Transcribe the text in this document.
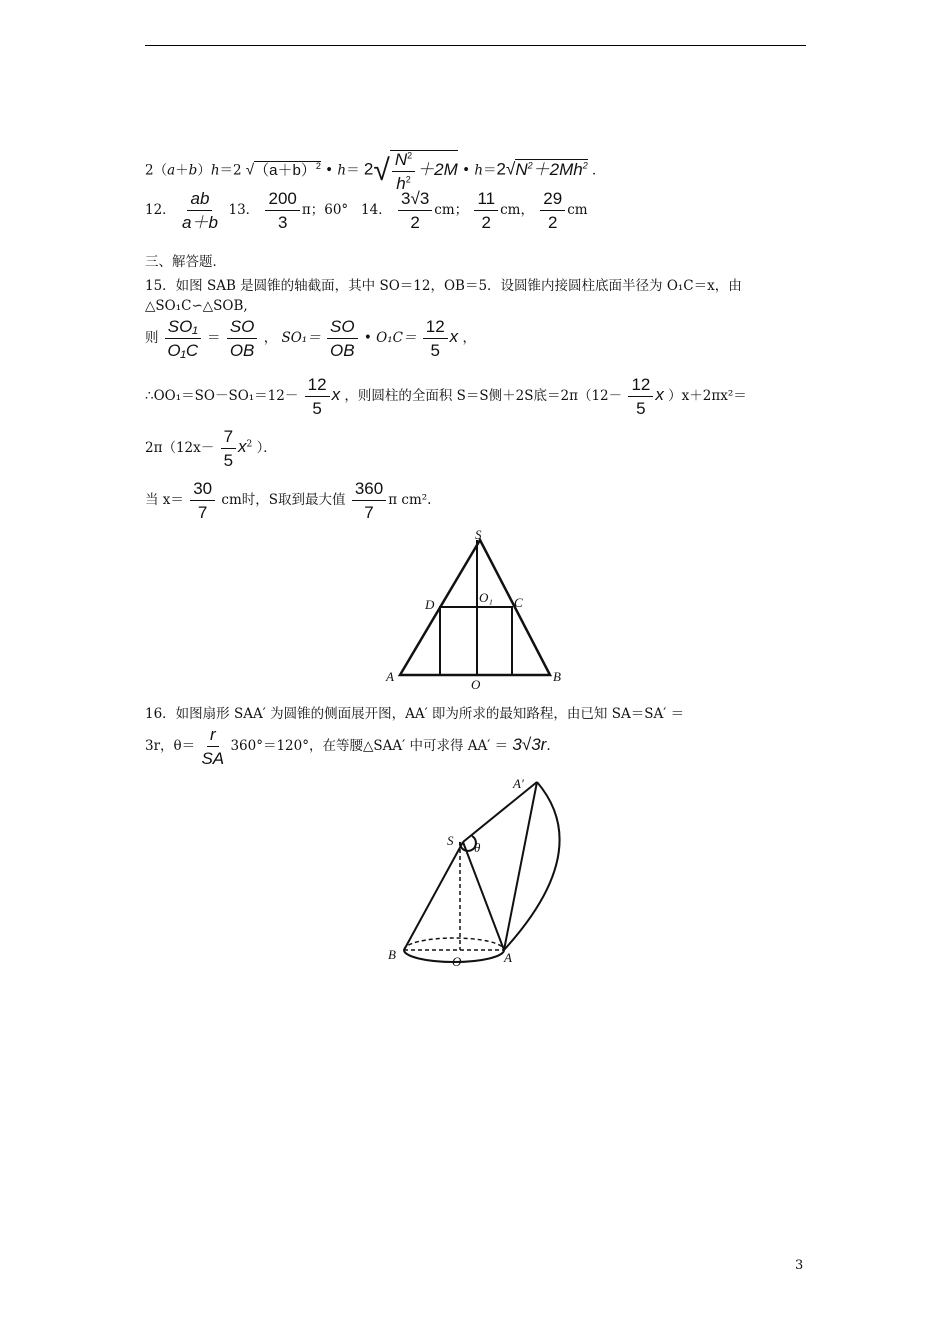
2（a＋b）h＝2 $√(a+b)^2$ • $h= 2√ \frac{N^2}{h^2} +2M$ • $h=2√N^2+2Mh^2$ ．
12． $\frac{ab}{a+b} 13$． $\frac{200}{3}$ π；60° 14． $\frac{3√3}{2}$ cm； $\frac{11}{2}$ cm， $\frac{29}{2}$ cm
三、解答题．
15．如图 SAB 是圆锥的轴截面，其中 SO＝12，OB＝5．设圆锥内接圆柱底面半径为 O₁C＝x，由
△SO₁C∽△SOB,
则 $\frac{\text{SO₁}}{\text{O₁C}} = \frac{SO}{OB}$ ， $SO_1= \frac{SO}{OB}$ • $O_1C= \frac{12}{5}$ x ，
∴OO₁＝SO－SO₁＝12－ $\frac{12}{5}$ x ，则圆柱的全面积 S＝S侧＋2S底$=2\pi(12- \frac{12}{5}$ x ）x＋2πx²＝
$2\pi(12x- \frac{7}{5} x^2$ ）．
当 $x= \frac{30}{7}$ cm时，S取到最大值 $\frac{360}{7}$ π cm².
S
D	O₁ C
A
O
B
16．如图扇形 SAA′ 为圆锥的侧面展开图，AA′ 即为所求的最知路程，由已知 SA＝SA′ ＝
3r，$\theta= \frac{r}{SA} 360^\circ=120^\circ$，在等腰△SAA′ 中可求得 AA′ ＝ 3√3r.
A′
S θ
B	O	A
3
